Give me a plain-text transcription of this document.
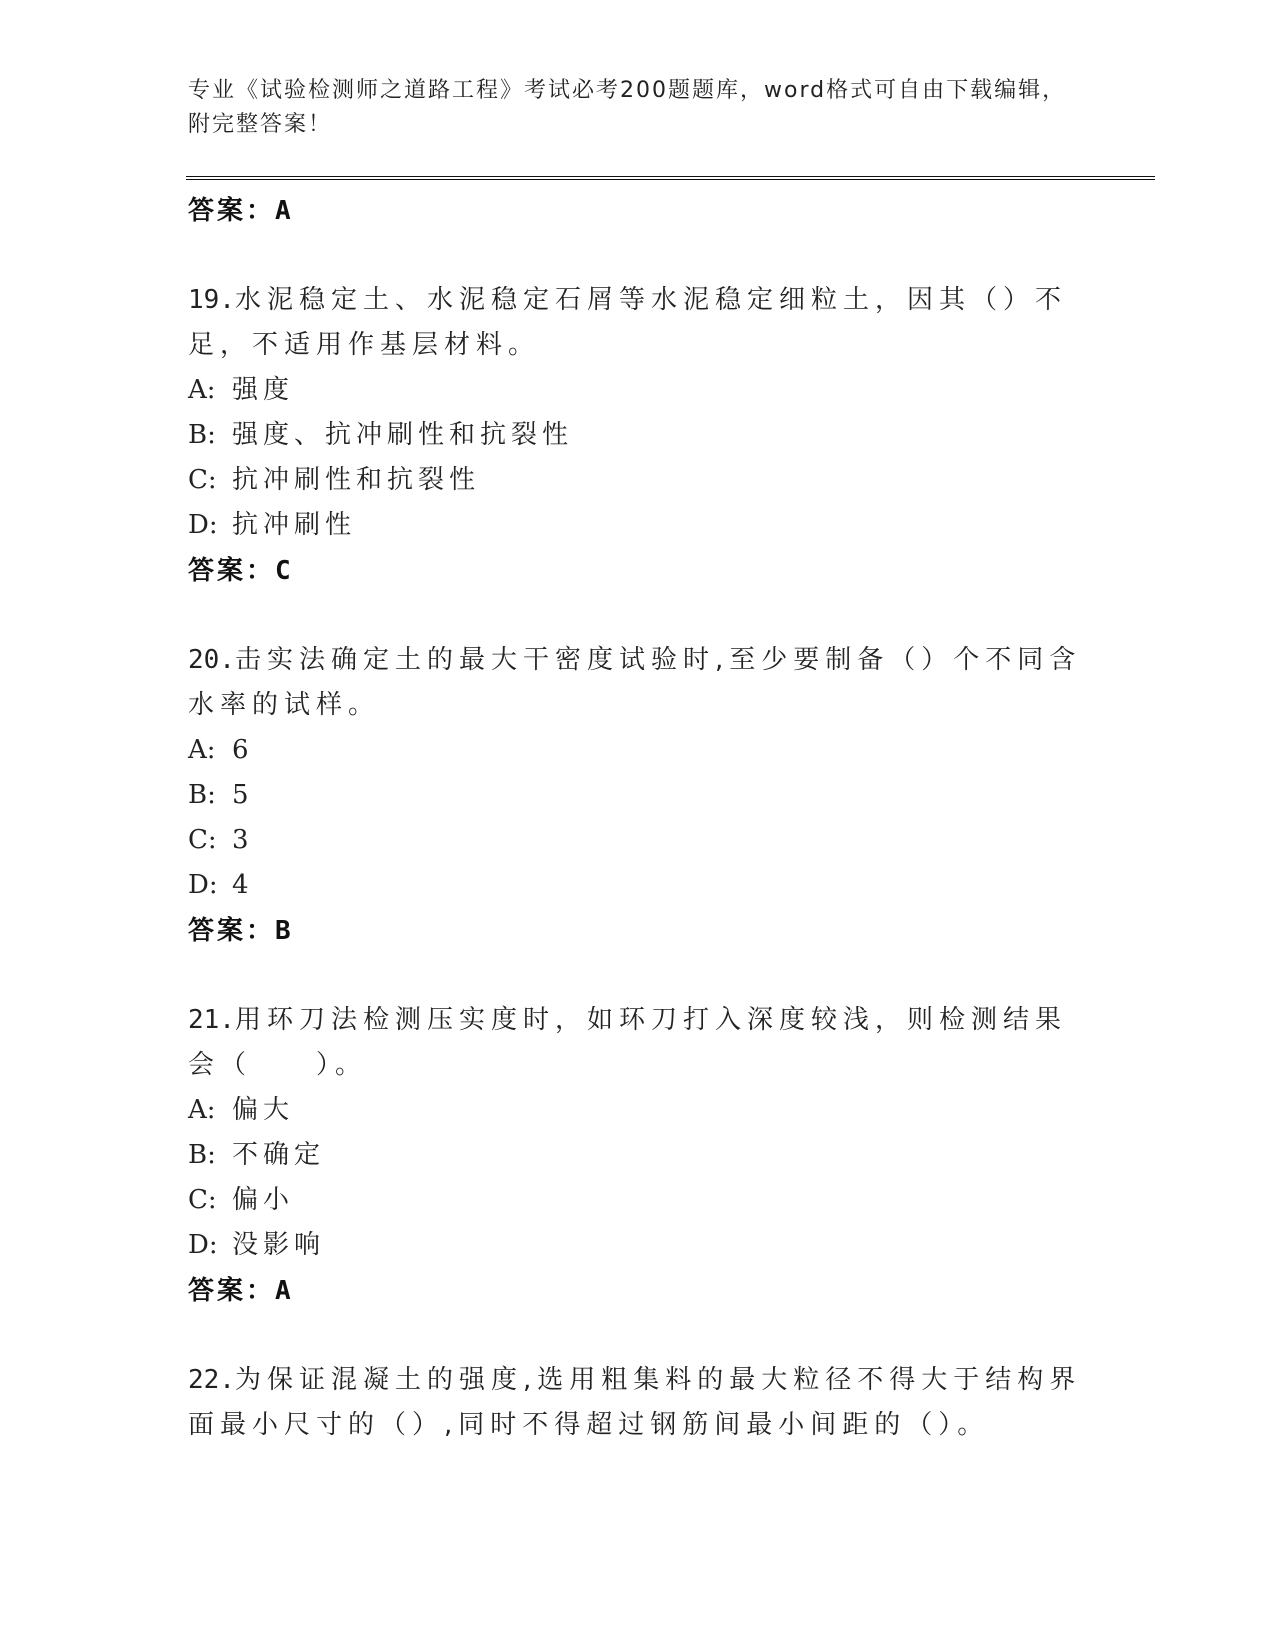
专业《试验检测师之道路工程》考试必考200题题库，word格式可自由下载编辑，附完整答案！
答案：A
19.水泥稳定土、水泥稳定石屑等水泥稳定细粒土，因其（）不足，不适用作基层材料。
A: 强度
B: 强度、抗冲刷性和抗裂性
C: 抗冲刷性和抗裂性
D: 抗冲刷性
答案：C
20.击实法确定土的最大干密度试验时,至少要制备（）个不同含水率的试样。
A: 6
B: 5
C: 3
D: 4
答案：B
21.用环刀法检测压实度时，如环刀打入深度较浅，则检测结果会（　　）。
A: 偏大
B: 不确定
C: 偏小
D: 没影响
答案：A
22.为保证混凝土的强度,选用粗集料的最大粒径不得大于结构界面最小尺寸的（）,同时不得超过钢筋间最小间距的（）。
